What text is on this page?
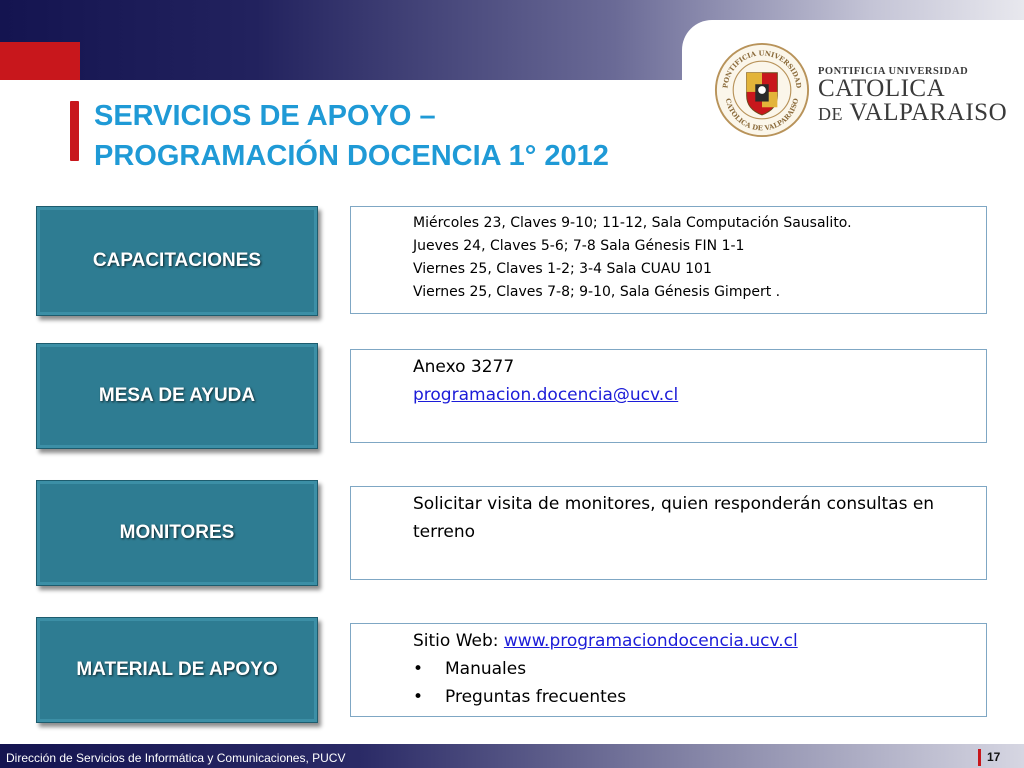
PONTIFICIA UNIVERSIDAD
CATOLICA DE VALPARAISO
PONTIFICIA UNIVERSIDAD
CATOLICA
DE VALPARAISO
SERVICIOS DE APOYO –
PROGRAMACIÓN DOCENCIA 1° 2012
CAPACITACIONES
Miércoles 23, Claves 9-10; 11-12, Sala Computación Sausalito.
Jueves 24, Claves 5-6; 7-8 Sala Génesis FIN 1-1
Viernes 25, Claves 1-2; 3-4 Sala CUAU 101
Viernes 25, Claves 7-8; 9-10, Sala Génesis Gimpert .
MESA DE AYUDA
Anexo 3277
programacion.docencia@ucv.cl
MONITORES
Solicitar visita de monitores, quien responderán consultas en terreno
MATERIAL DE APOYO
Sitio Web: www.programaciondocencia.ucv.cl
•	Manuales
•	Preguntas frecuentes
Dirección de Servicios de Informática y Comunicaciones, PUCV	17
